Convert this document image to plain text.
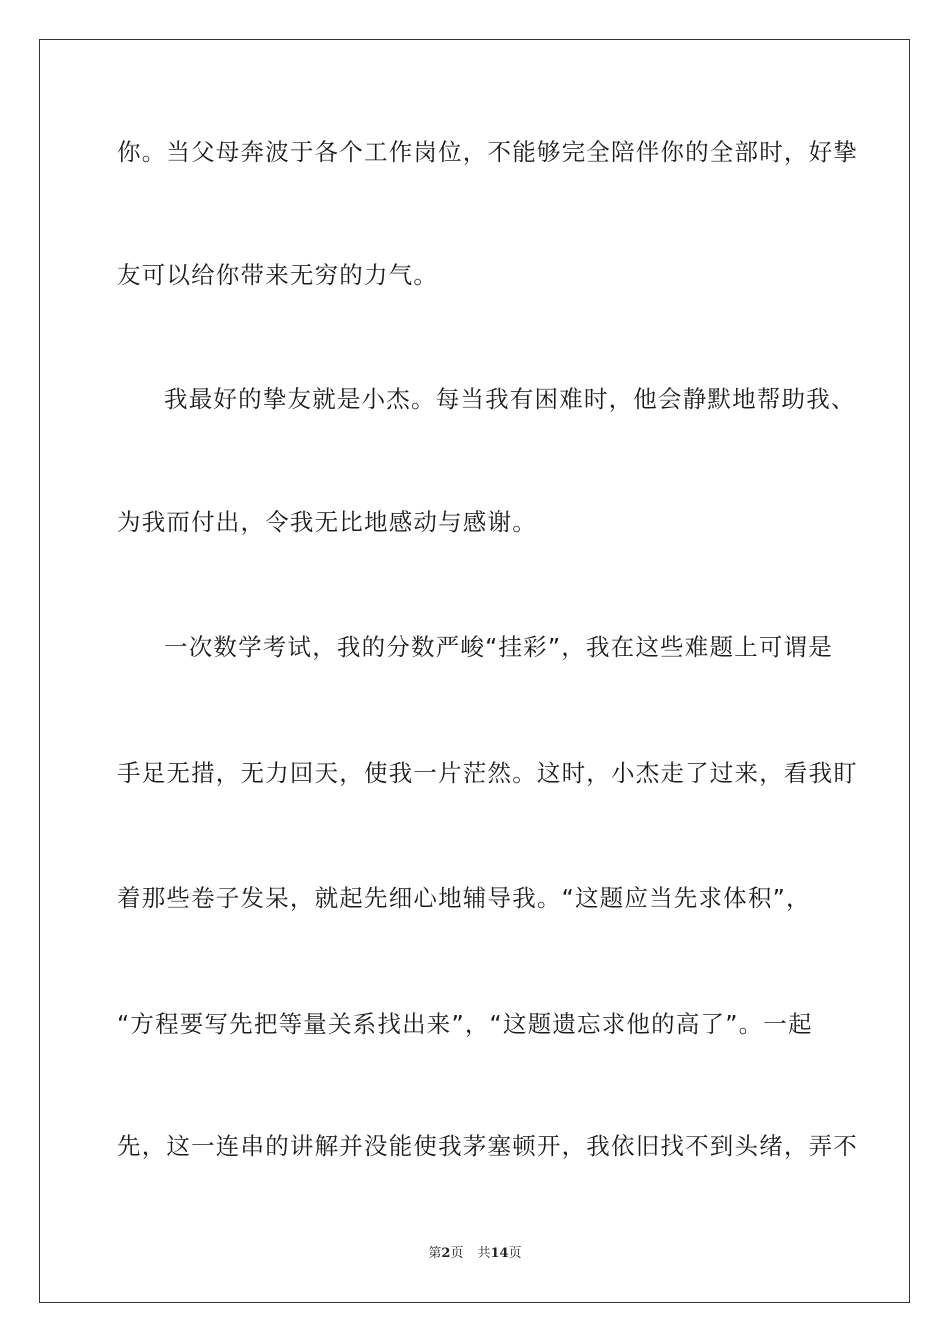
你。当父母奔波于各个工作岗位，不能够完全陪伴你的全部时，好挚
友可以给你带来无穷的力气。
我最好的挚友就是小杰。每当我有困难时，他会静默地帮助我、
为我而付出，令我无比地感动与感谢。
一次数学考试，我的分数严峻“挂彩”，我在这些难题上可谓是
手足无措，无力回天，使我一片茫然。这时，小杰走了过来，看我盯
着那些卷子发呆，就起先细心地辅导我。“这题应当先求体积”，
“方程要写先把等量关系找出来”，“这题遗忘求他的高了”。一起
先，这一连串的讲解并没能使我茅塞顿开，我依旧找不到头绪，弄不
第2页 共14页
